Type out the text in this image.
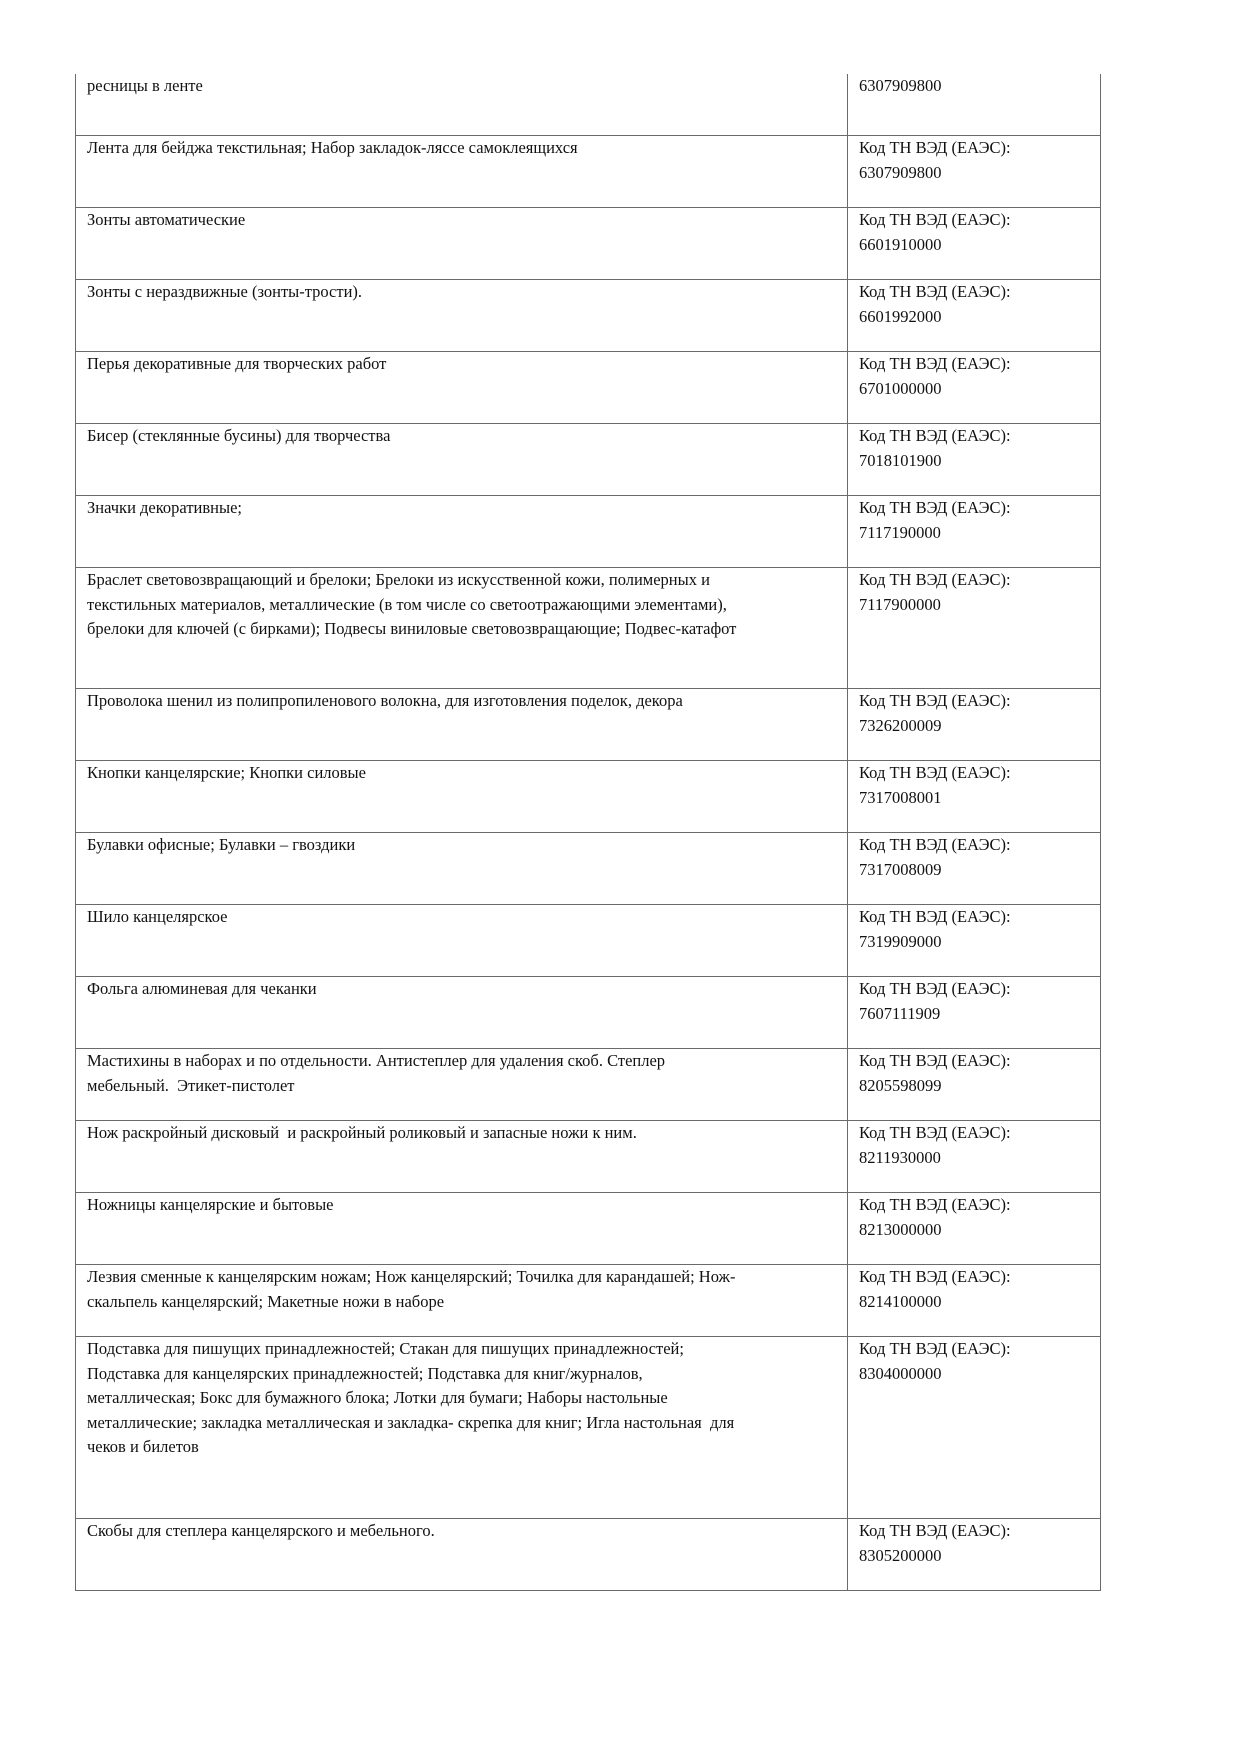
ресницы в ленте	6307909800

Лента для бейджа текстильная; Набор закладок-ляссе самоклеящихся	Код ТН ВЭД (ЕАЭС):
6307909800

Зонты автоматические	Код ТН ВЭД (ЕАЭС):
6601910000

Зонты с нераздвижные (зонты-трости).	Код ТН ВЭД (ЕАЭС):
6601992000

Перья декоративные для творческих работ	Код ТН ВЭД (ЕАЭС):
6701000000

Бисер (стеклянные бусины) для творчества	Код ТН ВЭД (ЕАЭС):
7018101900

Значки декоративные;	Код ТН ВЭД (ЕАЭС):
7117190000

Браслет световозвращающий и брелоки; Брелоки из искусственной кожи, полимерных и
текстильных материалов, металлические (в том числе со светоотражающими элементами),
брелоки для ключей (с бирками); Подвесы виниловые световозвращающие; Подвес-катафот	Код ТН ВЭД (ЕАЭС):
7117900000

Проволока шенил из полипропиленового волокна, для изготовления поделок, декора	Код ТН ВЭД (ЕАЭС):
7326200009

Кнопки канцелярские; Кнопки силовые	Код ТН ВЭД (ЕАЭС):
7317008001

Булавки офисные; Булавки – гвоздики	Код ТН ВЭД (ЕАЭС):
7317008009

Шило канцелярское	Код ТН ВЭД (ЕАЭС):
7319909000

Фольга алюминевая для чеканки	Код ТН ВЭД (ЕАЭС):
7607111909

Мастихины в наборах и по отдельности. Антистеплер для удаления скоб. Степлер
мебельный.  Этикет-пистолет	Код ТН ВЭД (ЕАЭС):
8205598099

Нож раскройный дисковый  и раскройный роликовый и запасные ножи к ним.	Код ТН ВЭД (ЕАЭС):
8211930000

Ножницы канцелярские и бытовые	Код ТН ВЭД (ЕАЭС):
8213000000

Лезвия сменные к канцелярским ножам; Нож канцелярский; Точилка для карандашей; Нож-
скальпель канцелярский; Макетные ножи в наборе	Код ТН ВЭД (ЕАЭС):
8214100000

Подставка для пишущих принадлежностей; Стакан для пишущих принадлежностей;
Подставка для канцелярских принадлежностей; Подставка для книг/журналов,
металлическая; Бокс для бумажного блока; Лотки для бумаги; Наборы настольные
металлические; закладка металлическая и закладка- скрепка для книг; Игла настольная  для
чеков и билетов	Код ТН ВЭД (ЕАЭС):
8304000000

Скобы для степлера канцелярского и мебельного.	Код ТН ВЭД (ЕАЭС):
8305200000
